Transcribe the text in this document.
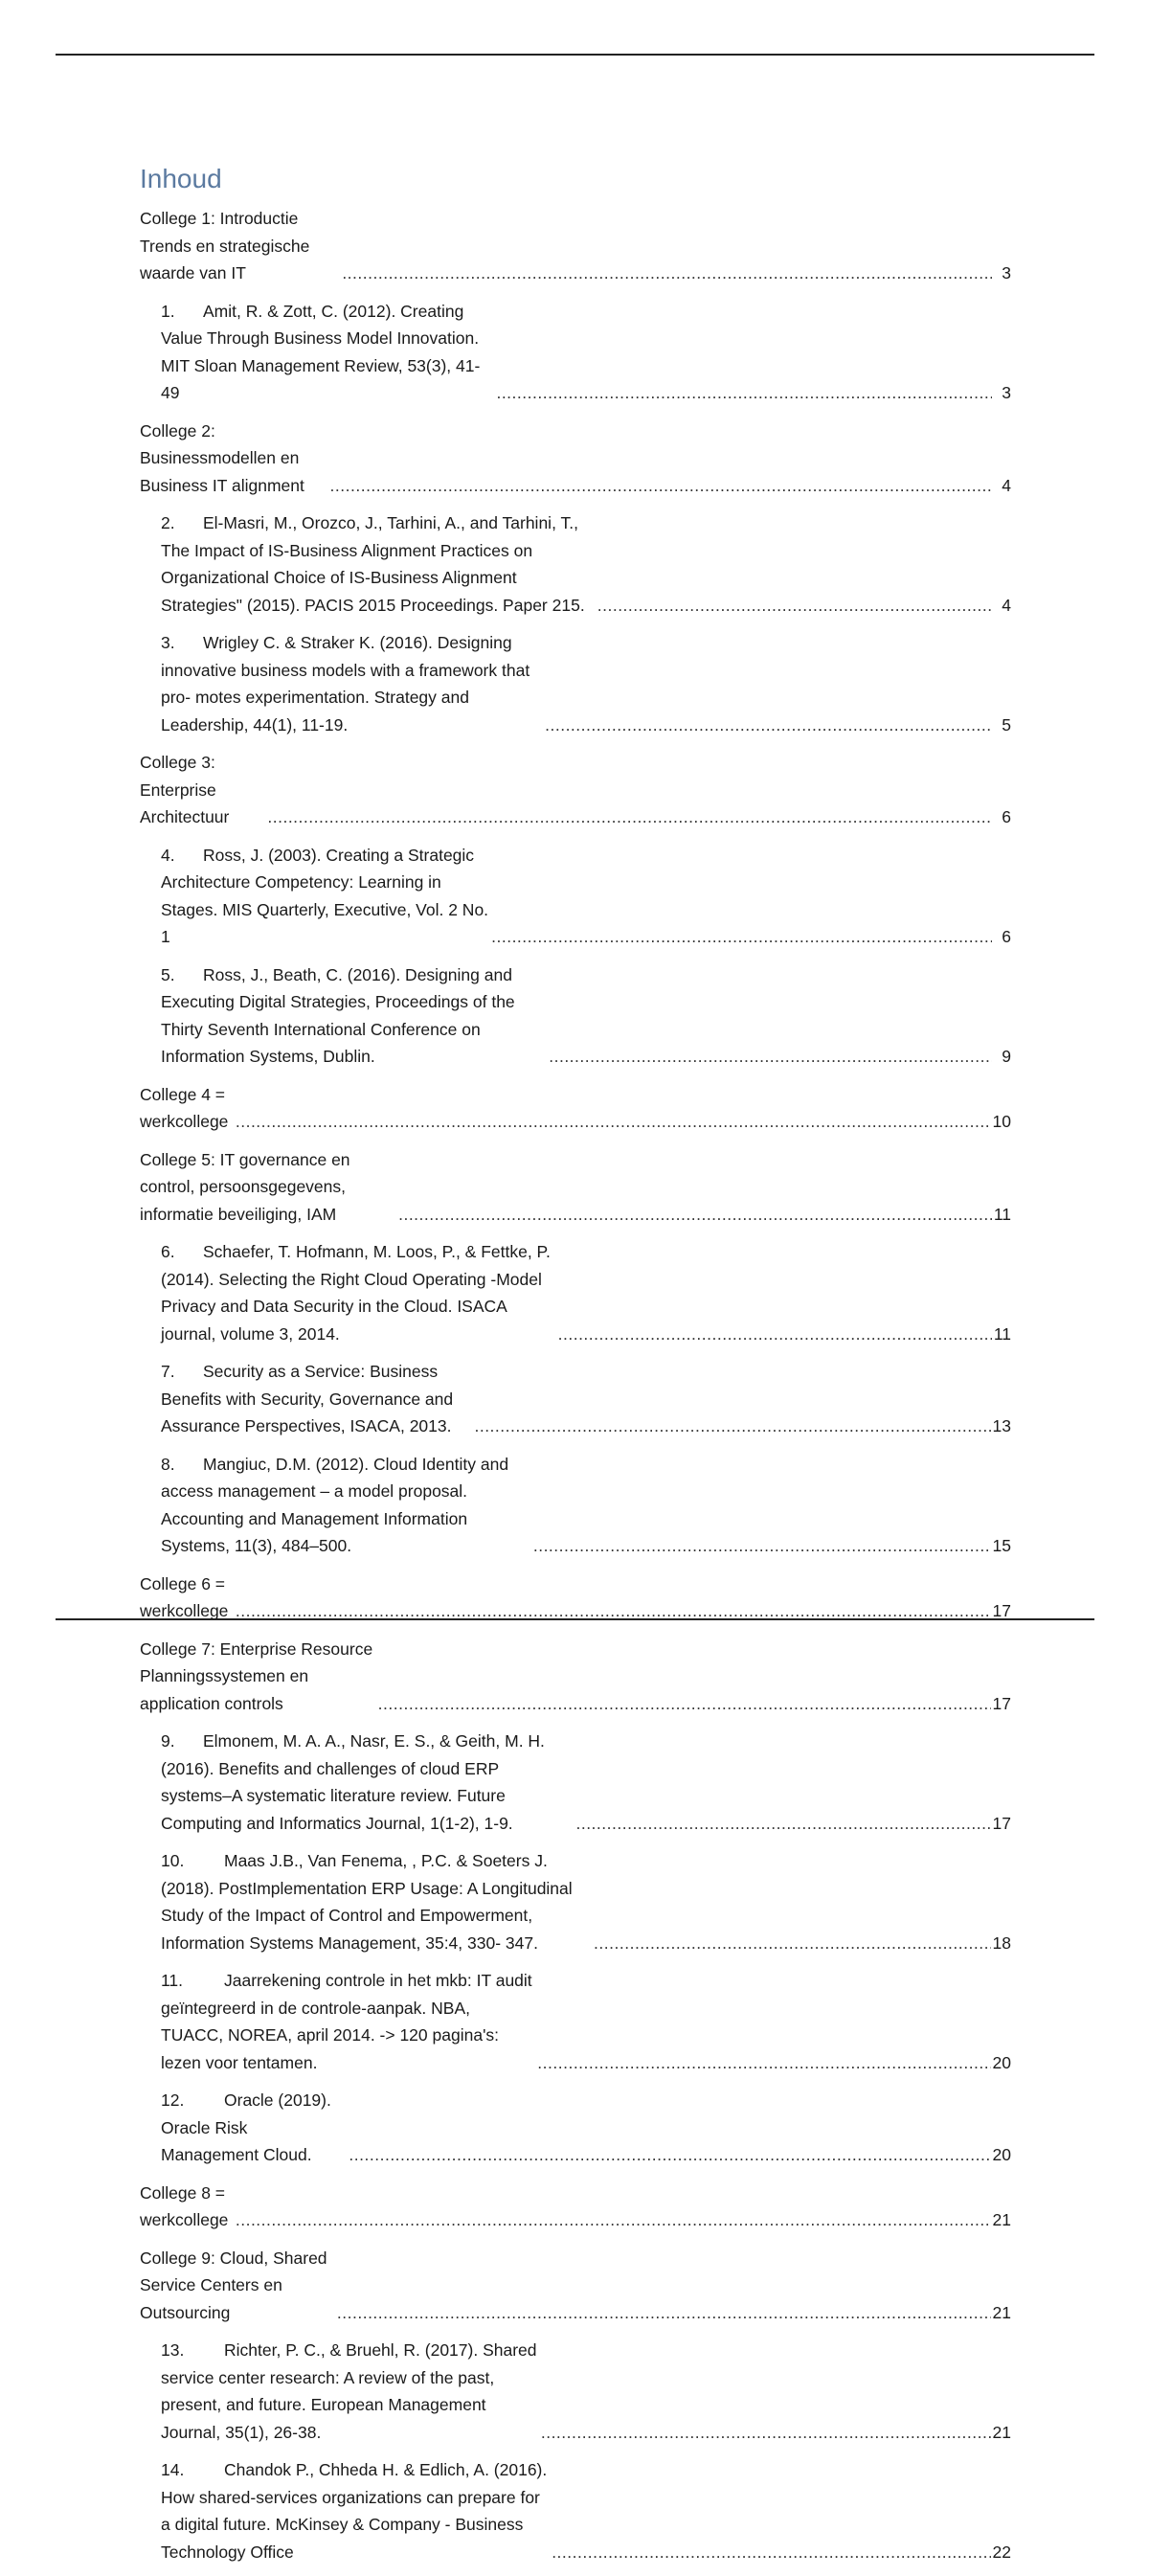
Inhoud
College 1: Introductie Trends en strategische waarde van IT .....	3
1. Amit, R. & Zott, C. (2012). Creating Value Through Business Model Innovation. MIT Sloan Management Review, 53(3), 41-49 .....	3
College 2: Businessmodellen en Business IT alignment .....	4
2. El-Masri, M., Orozco, J., Tarhini, A., and Tarhini, T., The Impact of IS-Business Alignment Practices on Organizational Choice of IS-Business Alignment Strategies" (2015). PACIS 2015 Proceedings. Paper 215. .....	4
3. Wrigley C. & Straker K. (2016). Designing innovative business models with a framework that pro- motes experimentation. Strategy and Leadership, 44(1), 11-19. .....	5
College 3: Enterprise Architectuur .....	6
4. Ross, J. (2003). Creating a Strategic Architecture Competency: Learning in Stages. MIS Quarterly, Executive, Vol. 2 No. 1 .....	6
5. Ross, J., Beath, C. (2016). Designing and Executing Digital Strategies, Proceedings of the Thirty Seventh International Conference on Information Systems, Dublin. .....	9
College 4 = werkcollege .....	10
College 5: IT governance en control, persoonsgegevens, informatie beveiliging, IAM .....	11
6. Schaefer, T. Hofmann, M. Loos, P., & Fettke, P. (2014). Selecting the Right Cloud Operating -Model Privacy and Data Security in the Cloud. ISACA journal, volume 3, 2014. .....	11
7. Security as a Service: Business Benefits with Security, Governance and Assurance Perspectives, ISACA, 2013. .....	13
8. Mangiuc, D.M. (2012). Cloud Identity and access management – a model proposal. Accounting and Management Information Systems, 11(3), 484–500. .....	15
College 6 = werkcollege .....	17
College 7: Enterprise Resource Planningssystemen en application controls .....	17
9. Elmonem, M. A. A., Nasr, E. S., & Geith, M. H. (2016). Benefits and challenges of cloud ERP systems–A systematic literature review. Future Computing and Informatics Journal, 1(1-2), 1-9. .....	17
10. Maas J.B., Van Fenema, , P.C. & Soeters J. (2018). PostImplementation ERP Usage: A Longitudinal Study of the Impact of Control and Empowerment, Information Systems Management, 35:4, 330- 347. .....	18
11. Jaarrekening controle in het mkb: IT audit geïntegreerd in de controle-aanpak. NBA, TUACC, NOREA, april 2014. -> 120 pagina's: lezen voor tentamen. .....	20
12. Oracle (2019). Oracle Risk Management Cloud. .....	20
College 8 = werkcollege .....	21
College 9: Cloud, Shared Service Centers en Outsourcing .....	21
13. Richter, P. C., & Bruehl, R. (2017). Shared service center research: A review of the past, present, and future. European Management Journal, 35(1), 26-38. .....	21
14. Chandok P., Chheda H. & Edlich, A. (2016). How shared-services organizations can prepare for a digital future. McKinsey & Company - Business Technology Office .....	22
